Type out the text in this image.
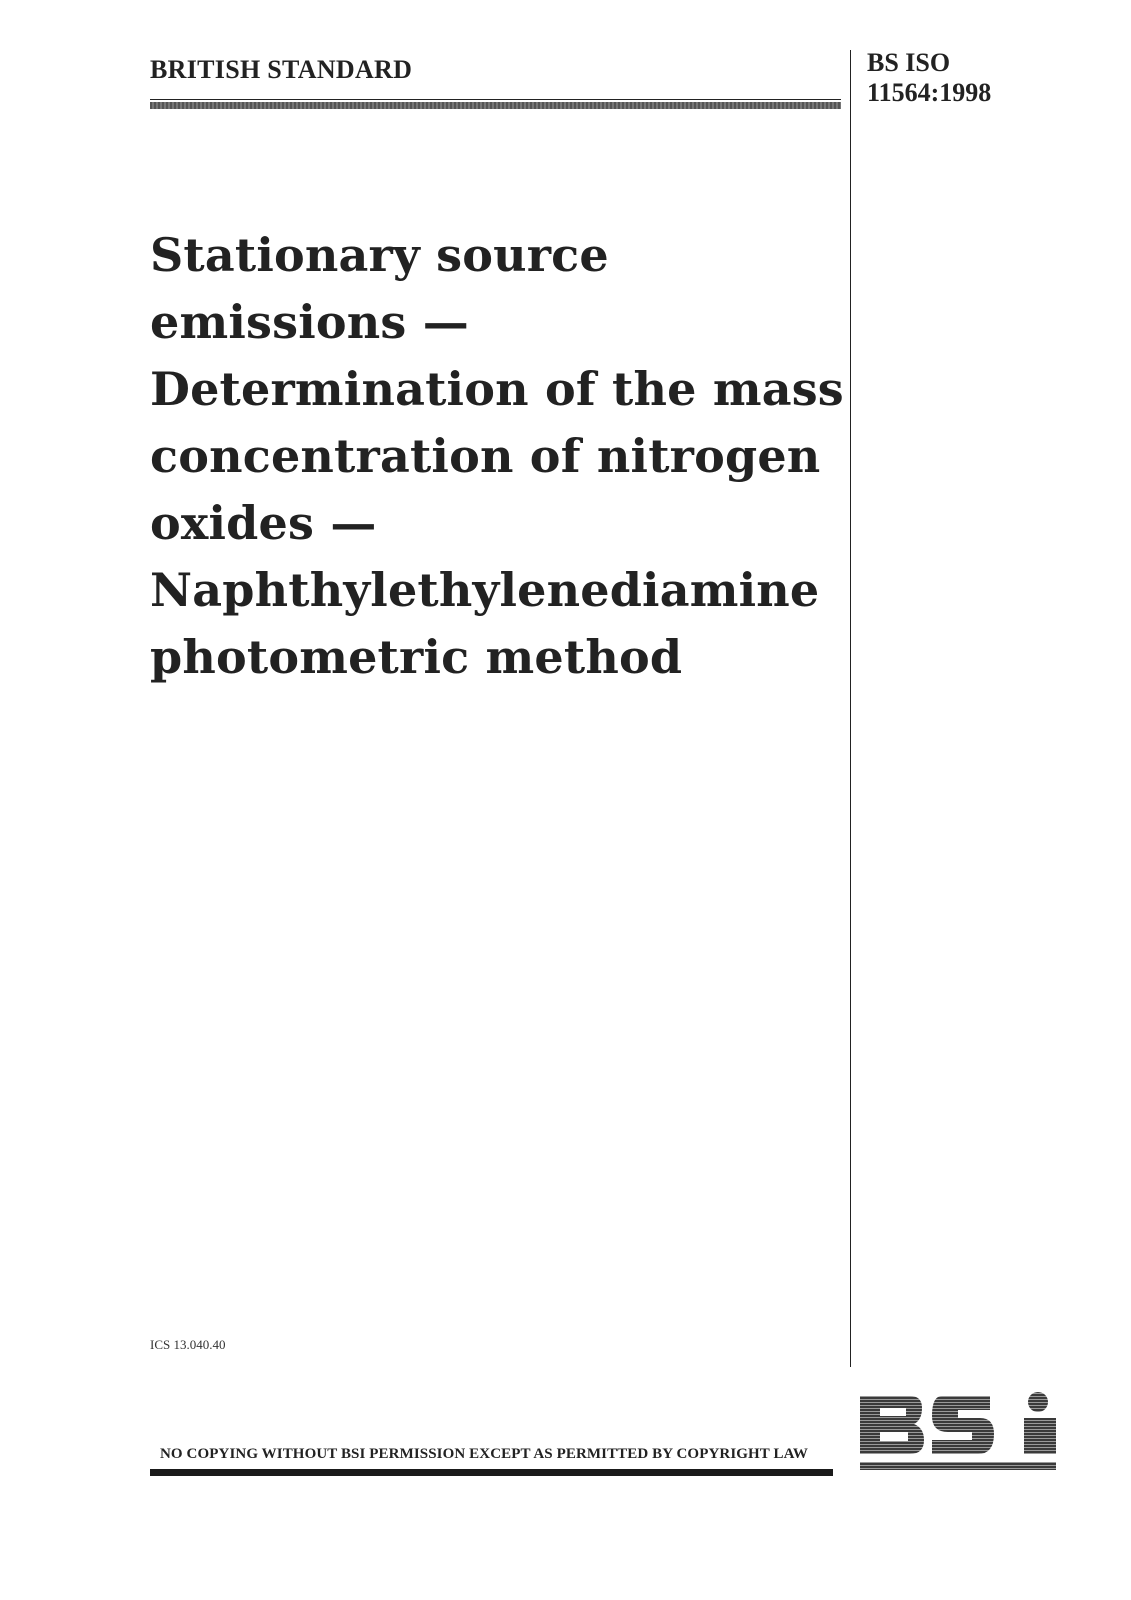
BRITISH STANDARD	BS ISO
11564:1998
Stationary source
emissions —
Determination of the mass
concentration of nitrogen
oxides —
Naphthylethylenediamine
photometric method
ICS 13.040.40
NO COPYING WITHOUT BSI PERMISSION EXCEPT AS PERMITTED BY COPYRIGHT LAW
